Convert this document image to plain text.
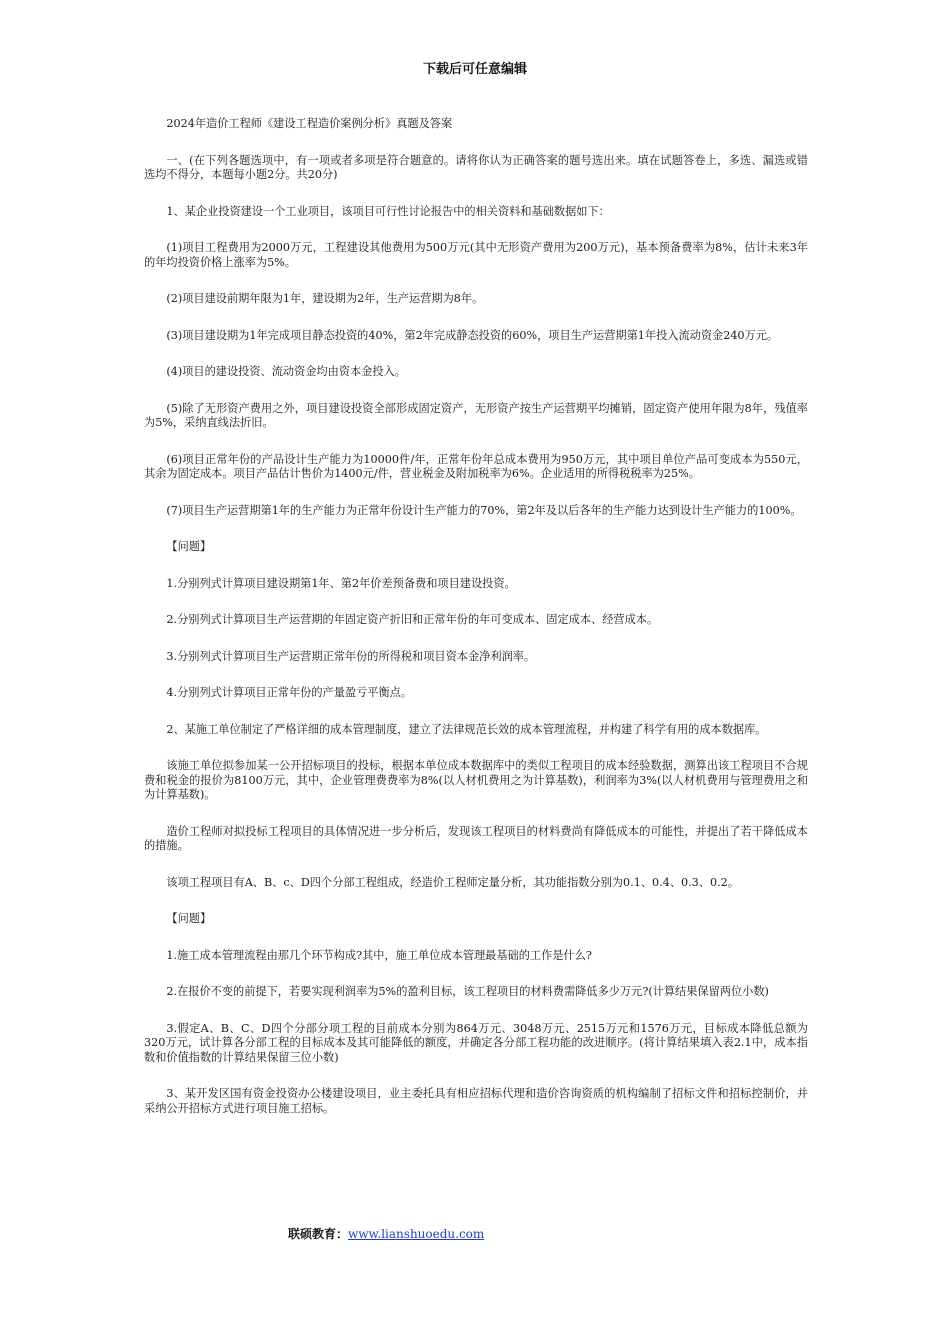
下载后可任意编辑

2024年造价工程师《建设工程造价案例分析》真题及答案

一、(在下列各题选项中，有一项或者多项是符合题意的。请将你认为正确答案的题号选出来。填在试题答卷上，多选、漏选或错选均不得分，本题每小题2分。共20分)

1、某企业投资建设一个工业项目，该项目可行性讨论报告中的相关资料和基础数据如下：

(1)项目工程费用为2000万元，工程建设其他费用为500万元(其中无形资产费用为200万元)，基本预备费率为8%，估计未来3年的年均投资价格上涨率为5%。

(2)项目建设前期年限为1年，建设期为2年，生产运营期为8年。

(3)项目建设期为1年完成项目静态投资的40%，第2年完成静态投资的60%，项目生产运营期第1年投入流动资金240万元。

(4)项目的建设投资、流动资金均由资本金投入。

(5)除了无形资产费用之外，项目建设投资全部形成固定资产，无形资产按生产运营期平均摊销，固定资产使用年限为8年，残值率为5%，采纳直线法折旧。

(6)项目正常年份的产品设计生产能力为10000件/年，正常年份年总成本费用为950万元，其中项目单位产品可变成本为550元，其余为固定成本。项目产品估计售价为1400元/件，营业税金及附加税率为6%。企业适用的所得税税率为25%。

(7)项目生产运营期第1年的生产能力为正常年份设计生产能力的70%，第2年及以后各年的生产能力达到设计生产能力的100%。

【问题】

1.分别列式计算项目建设期第1年、第2年价差预备费和项目建设投资。

2.分别列式计算项目生产运营期的年固定资产折旧和正常年份的年可变成本、固定成本、经营成本。

3.分别列式计算项目生产运营期正常年份的所得税和项目资本金净利润率。

4.分别列式计算项目正常年份的产量盈亏平衡点。

2、某施工单位制定了严格详细的成本管理制度，建立了法律规范长效的成本管理流程，并构建了科学有用的成本数据库。

该施工单位拟参加某一公开招标项目的投标，根据本单位成本数据库中的类似工程项目的成本经验数据，测算出该工程项目不合规费和税金的报价为8100万元，其中，企业管理费费率为8%(以人材机费用之为计算基数)，利润率为3%(以人材机费用与管理费用之和为计算基数)。

造价工程师对拟投标工程项目的具体情况进一步分析后，发现该工程项目的材料费尚有降低成本的可能性，并提出了若干降低成本的措施。

该项工程项目有A、B、c、D四个分部工程组成，经造价工程师定量分析，其功能指数分别为0.1、0.4、0.3、0.2。

【问题】

1.施工成本管理流程由那几个环节构成?其中，施工单位成本管理最基础的工作是什么?

2.在报价不变的前提下，若要实现利润率为5%的盈利目标，该工程项目的材料费需降低多少万元?(计算结果保留两位小数)

3.假定A、B、C、D四个分部分项工程的目前成本分别为864万元、3048万元、2515万元和1576万元，目标成本降低总额为320万元，试计算各分部工程的目标成本及其可能降低的额度，并确定各分部工程功能的改进顺序。(将计算结果填入表2.1中，成本指数和价值指数的计算结果保留三位小数)

3、某开发区国有资金投资办公楼建设项目，业主委托具有相应招标代理和造价咨询资质的机构编制了招标文件和招标控制价，并采纳公开招标方式进行项目施工招标。

联硕教育：www.lianshuoedu.com
